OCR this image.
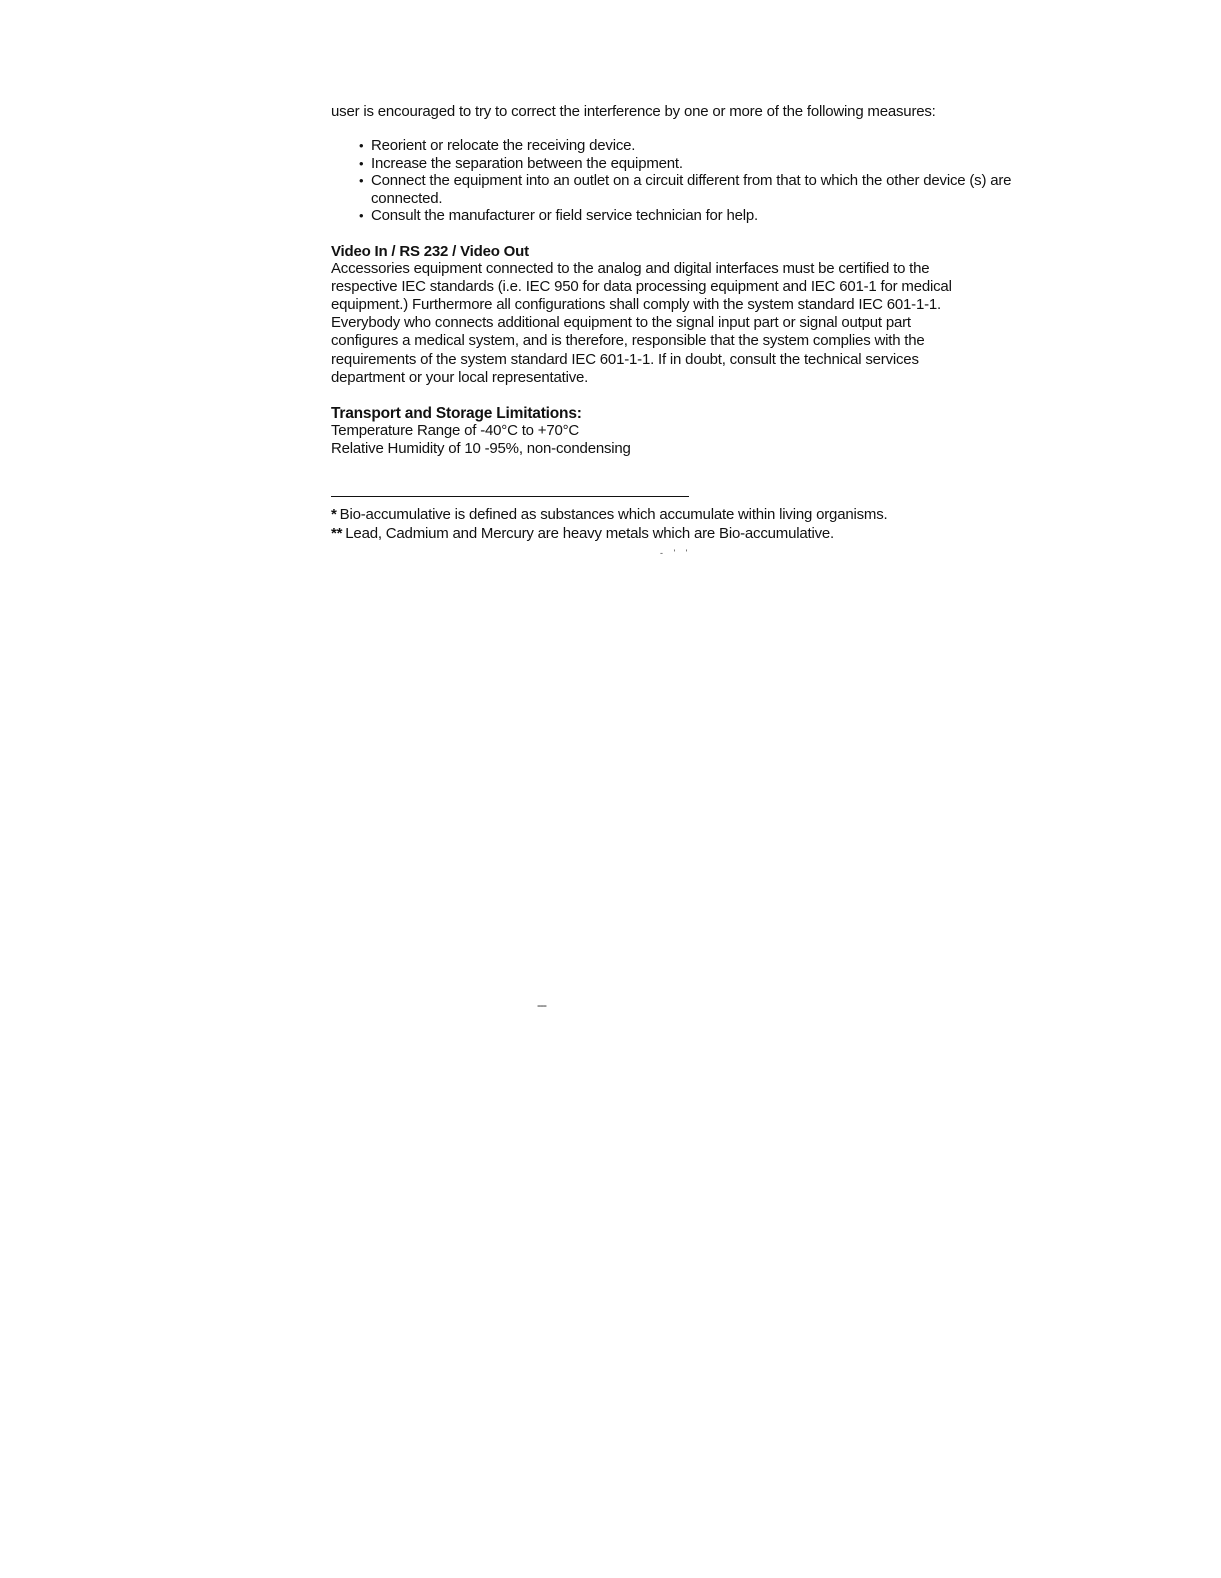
user is encouraged to try to correct the interference by one or more of the following measures:

• Reorient or relocate the receiving device.
• Increase the separation between the equipment.
• Connect the equipment into an outlet on a circuit different from that to which the other device (s) are connected.
• Consult the manufacturer or field service technician for help.

Video In / RS 232 / Video Out

Accessories equipment connected to the analog and digital interfaces must be certified to the
respective IEC standards (i.e. IEC 950 for data processing equipment and IEC 601-1 for medical
equipment.) Furthermore all configurations shall comply with the system standard IEC 601-1-1.
Everybody who connects additional equipment to the signal input part or signal output part
configures a medical system, and is therefore, responsible that the system complies with the
requirements of the system standard IEC 601-1-1. If in doubt, consult the technical services
department or your local representative.

Transport and Storage Limitations:

Temperature Range of -40°C to +70°C
Relative Humidity of 10 -95%, non-condensing

* Bio-accumulative is defined as substances which accumulate within living organisms.

** Lead, Cadmium and Mercury are heavy metals which are Bio-accumulative.

- ' '
---
